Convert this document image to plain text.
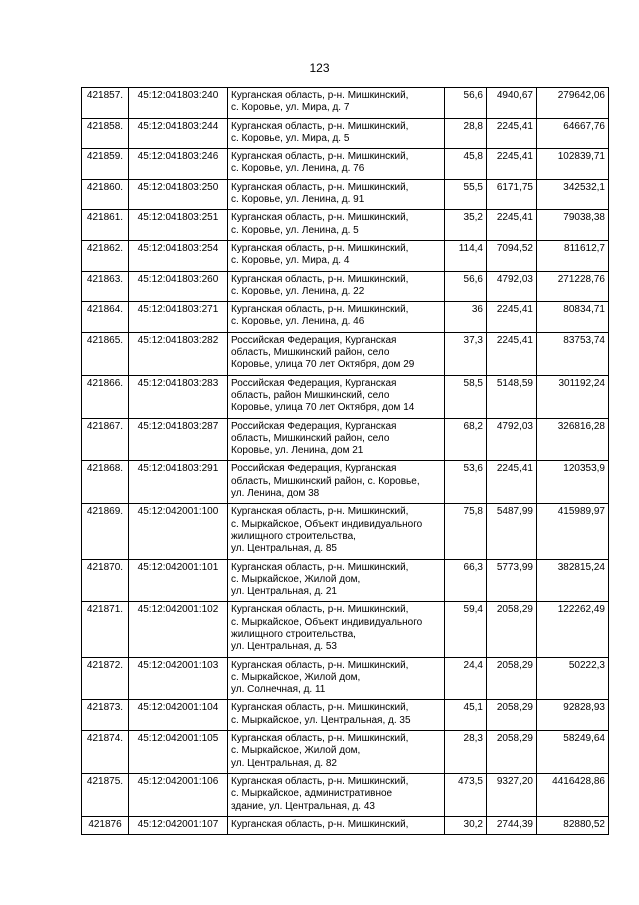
123
421857.	45:12:041803:240	Курганская область, р-н. Мишкинский,
с. Коровье, ул. Мира, д. 7	56,6	4940,67	279642,06
421858.	45:12:041803:244	Курганская область, р-н. Мишкинский,
с. Коровье, ул. Мира, д. 5	28,8	2245,41	64667,76
421859.	45:12:041803:246	Курганская область, р-н. Мишкинский,
с. Коровье, ул. Ленина, д. 76	45,8	2245,41	102839,71
421860.	45:12:041803:250	Курганская область, р-н. Мишкинский,
с. Коровье, ул. Ленина, д. 91	55,5	6171,75	342532,1
421861.	45:12:041803:251	Курганская область, р-н. Мишкинский,
с. Коровье, ул. Ленина, д. 5	35,2	2245,41	79038,38
421862.	45:12:041803:254	Курганская область, р-н. Мишкинский,
с. Коровье, ул. Мира, д. 4	114,4	7094,52	811612,7
421863.	45:12:041803:260	Курганская область, р-н. Мишкинский,
с. Коровье, ул. Ленина, д. 22	56,6	4792,03	271228,76
421864.	45:12:041803:271	Курганская область, р-н. Мишкинский,
с. Коровье, ул. Ленина, д. 46	36	2245,41	80834,71
421865.	45:12:041803:282	Российская Федерация, Курганская
область, Мишкинский район, село
Коровье, улица 70 лет Октября, дом 29	37,3	2245,41	83753,74
421866.	45:12:041803:283	Российская Федерация, Курганская
область, район Мишкинский, село
Коровье, улица 70 лет Октября, дом 14	58,5	5148,59	301192,24
421867.	45:12:041803:287	Российская Федерация, Курганская
область, Мишкинский район, село
Коровье, ул. Ленина, дом 21	68,2	4792,03	326816,28
421868.	45:12:041803:291	Российская Федерация, Курганская
область, Мишкинский район, с. Коровье,
ул. Ленина, дом 38	53,6	2245,41	120353,9
421869.	45:12:042001:100	Курганская область, р-н. Мишкинский,
с. Мыркайское, Объект индивидуального
жилищного строительства,
ул. Центральная, д. 85	75,8	5487,99	415989,97
421870.	45:12:042001:101	Курганская область, р-н. Мишкинский,
с. Мыркайское, Жилой дом,
ул. Центральная, д. 21	66,3	5773,99	382815,24
421871.	45:12:042001:102	Курганская область, р-н. Мишкинский,
с. Мыркайское, Объект индивидуального
жилищного строительства,
ул. Центральная, д. 53	59,4	2058,29	122262,49
421872.	45:12:042001:103	Курганская область, р-н. Мишкинский,
с. Мыркайское, Жилой дом,
ул. Солнечная, д. 11	24,4	2058,29	50222,3
421873.	45:12:042001:104	Курганская область, р-н. Мишкинский,
с. Мыркайское, ул. Центральная, д. 35	45,1	2058,29	92828,93
421874.	45:12:042001:105	Курганская область, р-н. Мишкинский,
с. Мыркайское, Жилой дом,
ул. Центральная, д. 82	28,3	2058,29	58249,64
421875.	45:12:042001:106	Курганская область, р-н. Мишкинский,
с. Мыркайское, административное
здание, ул. Центральная, д. 43	473,5	9327,20	4416428,86
421876	45:12:042001:107	Курганская область, р-н. Мишкинский,	30,2	2744,39	82880,52
